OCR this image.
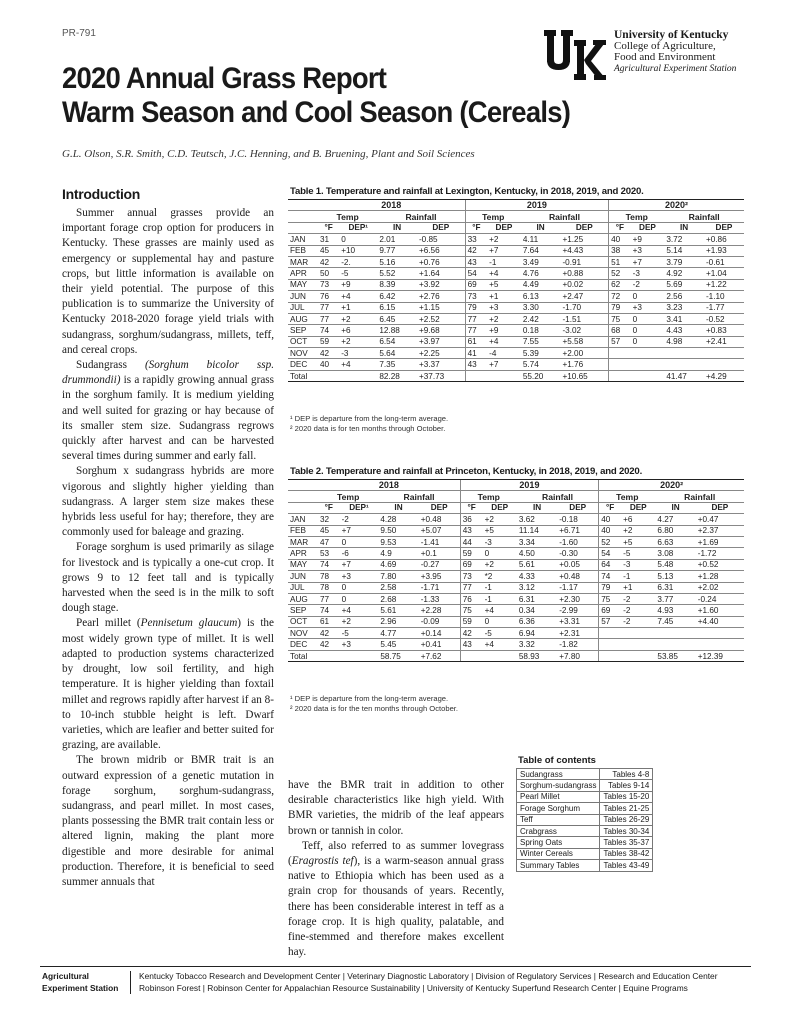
PR-791	University of Kentucky
College of Agriculture,
Food and Environment
Agricultural Experiment Station
2020 Annual Grass Report
Warm Season and Cool Season (Cereals)
G.L. Olson, S.R. Smith, C.D. Teutsch, J.C. Henning, and B. Bruening, Plant and Soil Sciences
Introduction

Summer annual grasses provide an important forage crop option for producers in Kentucky. These grasses are mainly used as emergency or supplemental hay and pasture crops, but little information is available on their yield potential. The purpose of this publication is to summarize the University of Kentucky 2018-2020 forage yield trials with sudangrass, sorghum/sudangrass, millets, teff, and cereal crops.

Sudangrass (Sorghum bicolor ssp. drummondii) is a rapidly growing annual grass in the sorghum family. It is medium yielding and well suited for grazing or hay because of its smaller stem size. Sudangrass regrows quickly after harvest and can be harvested several times during summer and early fall.

Sorghum x sudangrass hybrids are more vigorous and slightly higher yielding than sudangrass. A larger stem size makes these hybrids less useful for hay; therefore, they are commonly used for baleage and grazing.

Forage sorghum is used primarily as silage for livestock and is typically a one-cut crop. It grows 9 to 12 feet tall and is typically harvested when the seed is in the milk to soft dough stage.

Pearl millet (Pennisetum glaucum) is the most widely grown type of millet. It is well adapted to production systems characterized by drought, low soil fertility, and high temperature. It is higher yielding than foxtail millet and regrows rapidly after harvest if an 8- to 10-inch stubble height is left. Dwarf varieties, which are leafier and better suited for grazing, are available.

The brown midrib or BMR trait is an outward expression of a genetic mutation in forage sorghum, sorghum-sudangrass, sudangrass, and pearl millet. In most cases, plants possessing the BMR trait contain less or altered lignin, making the plant more digestible and more desirable for animal production. Therefore, it is beneficial to seed summer annuals that

have the BMR trait in addition to other desirable characteristics like high yield. With BMR varieties, the midrib of the leaf appears brown or tannish in color.

Teff, also referred to as summer lovegrass (Eragrostis tef), is a warm-season annual grass native to Ethiopia which has been used as a grain crop for thousands of years. Recently, there has been considerable interest in teff as a forage crop. It is high quality, palatable, and fine-stemmed and therefore makes excellent hay.

Table 1. Temperature and rainfall at Lexington, Kentucky, in 2018, 2019, and 2020.
	2018				2019				2020²			
	Temp		Rainfall		Temp		Rainfall		Temp		Rainfall	
	°F	DEP¹	IN	DEP	°F	DEP	IN	DEP	°F	DEP	IN	DEP
JAN	31	0	2.01	-0.85	33	+2	4.11	+1.25	40	+9	3.72	+0.86
FEB	45	+10	9.77	+6.56	42	+7	7.64	+4.43	38	+3	5.14	+1.93
MAR	42	-2.	5.16	+0.76	43	-1	3.49	-0.91	51	+7	3.79	-0.61
APR	50	-5	5.52	+1.64	54	+4	4.76	+0.88	52	-3	4.92	+1.04
MAY	73	+9	8.39	+3.92	69	+5	4.49	+0.02	62	-2	5.69	+1.22
JUN	76	+4	6.42	+2.76	73	+1	6.13	+2.47	72	0	2.56	-1.10
JUL	77	+1	6.15	+1.15	79	+3	3.30	-1.70	79	+3	3.23	-1.77
AUG	77	+2	6.45	+2.52	77	+2	2.42	-1.51	75	0	3.41	-0.52
SEP	74	+6	12.88	+9.68	77	+9	0.18	-3.02	68	0	4.43	+0.83
OCT	59	+2	6.54	+3.97	61	+4	7.55	+5.58	57	0	4.98	+2.41
NOV	42	-3	5.64	+2.25	41	-4	5.39	+2.00				
DEC	40	+4	7.35	+3.37	43	+7	5.74	+1.76				
Total			82.28	+37.73			55.20	+10.65			41.47	+4.29
¹ DEP is departure from the long-term average.
² 2020 data is for ten months through October.
Table 2. Temperature and rainfall at Princeton, Kentucky, in 2018, 2019, and 2020.
	2018				2019				2020²			
	Temp		Rainfall		Temp		Rainfall		Temp		Rainfall	
	°F	DEP¹	IN	DEP	°F	DEP	IN	DEP	°F	DEP	IN	DEP
JAN	32	-2	4.28	+0.48	36	+2	3.62	-0.18	40	+6	4.27	+0.47
FEB	45	+7	9.50	+5.07	43	+5	11.14	+6.71	40	+2	6.80	+2.37
MAR	47	0	9.53	-1.41	44	-3	3.34	-1.60	52	+5	6.63	+1.69
APR	53	-6	4.9	+0.1	59	0	4.50	-0.30	54	-5	3.08	-1.72
MAY	74	+7	4.69	-0.27	69	+2	5.61	+0.05	64	-3	5.48	+0.52
JUN	78	+3	7.80	+3.95	73	*2	4.33	+0.48	74	-1	5.13	+1.28
JUL	78	0	2.58	-1.71	77	-1	3.12	-1.17	79	+1	6.31	+2.02
AUG	77	0	2.68	-1.33	76	-1	6.31	+2.30	75	-2	3.77	-0.24
SEP	74	+4	5.61	+2.28	75	+4	0.34	-2.99	69	-2	4.93	+1.60
OCT	61	+2	2.96	-0.09	59	0	6.36	+3.31	57	-2	7.45	+4.40
NOV	42	-5	4.77	+0.14	42	-5	6.94	+2.31				
DEC	42	+3	5.45	+0.41	43	+4	3.32	-1.82				
Total			58.75	+7.62			58.93	+7.80			53.85	+12.39
¹ DEP is departure from the long-term average.
² 2020 data is for the ten months through October.
Table of contents
Sudangrass	Tables 4-8
Sorghum-sudangrass	Tables 9-14
Pearl Millet	Tables 15-20
Forage Sorghum	Tables 21-25
Teff	Tables 26-29
Crabgrass	Tables 30-34
Spring Oats	Tables 35-37
Winter Cereals	Tables 38-42
Summary Tables	Tables 43-49
Agricultural
Experiment Station
Kentucky Tobacco Research and Development Center | Veterinary Diagnostic Laboratory | Division of Regulatory Services | Research and Education Center
Robinson Forest | Robinson Center for Appalachian Resource Sustainability | University of Kentucky Superfund Research Center | Equine Programs
